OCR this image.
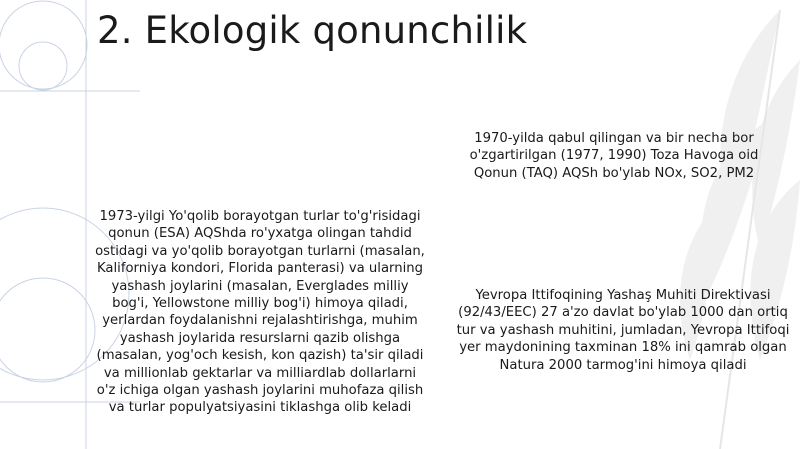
2. Ekologik qonunchilik

1970-yilda qabul qilingan va bir necha bor o'zgartirilgan (1977, 1990) Toza Havoga oid Qonun (TAQ) AQSh bo'ylab NOx, SO2, PM2

1973-yilgi Yo'qolib borayotgan turlar to'g'risidagi qonun (ESA) AQShda ro'yxatga olingan tahdid ostidagi va yo'qolib borayotgan turlarni (masalan, Kaliforniya kondori, Florida panterasi) va ularning yashash joylarini (masalan, Everglades milliy bog'i, Yellowstone milliy bog'i) himoya qiladi, yerlardan foydalanishni rejalashtirishga, muhim yashash joylarida resurslarni qazib olishga (masalan, yog'och kesish, kon qazish) ta'sir qiladi va millionlab gektarlar va milliardlab dollarlarni o'z ichiga olgan yashash joylarini muhofaza qilish va turlar populyatsiyasini tiklashga olib keladi

Yevropa Ittifoqining Yashaş Muhiti Direktivasi (92/43/EEC) 27 a'zo davlat bo'ylab 1000 dan ortiq tur va yashash muhitini, jumladan, Yevropa Ittifoqi yer maydonining taxminan 18% ini qamrab olgan Natura 2000 tarmog'ini himoya qiladi
